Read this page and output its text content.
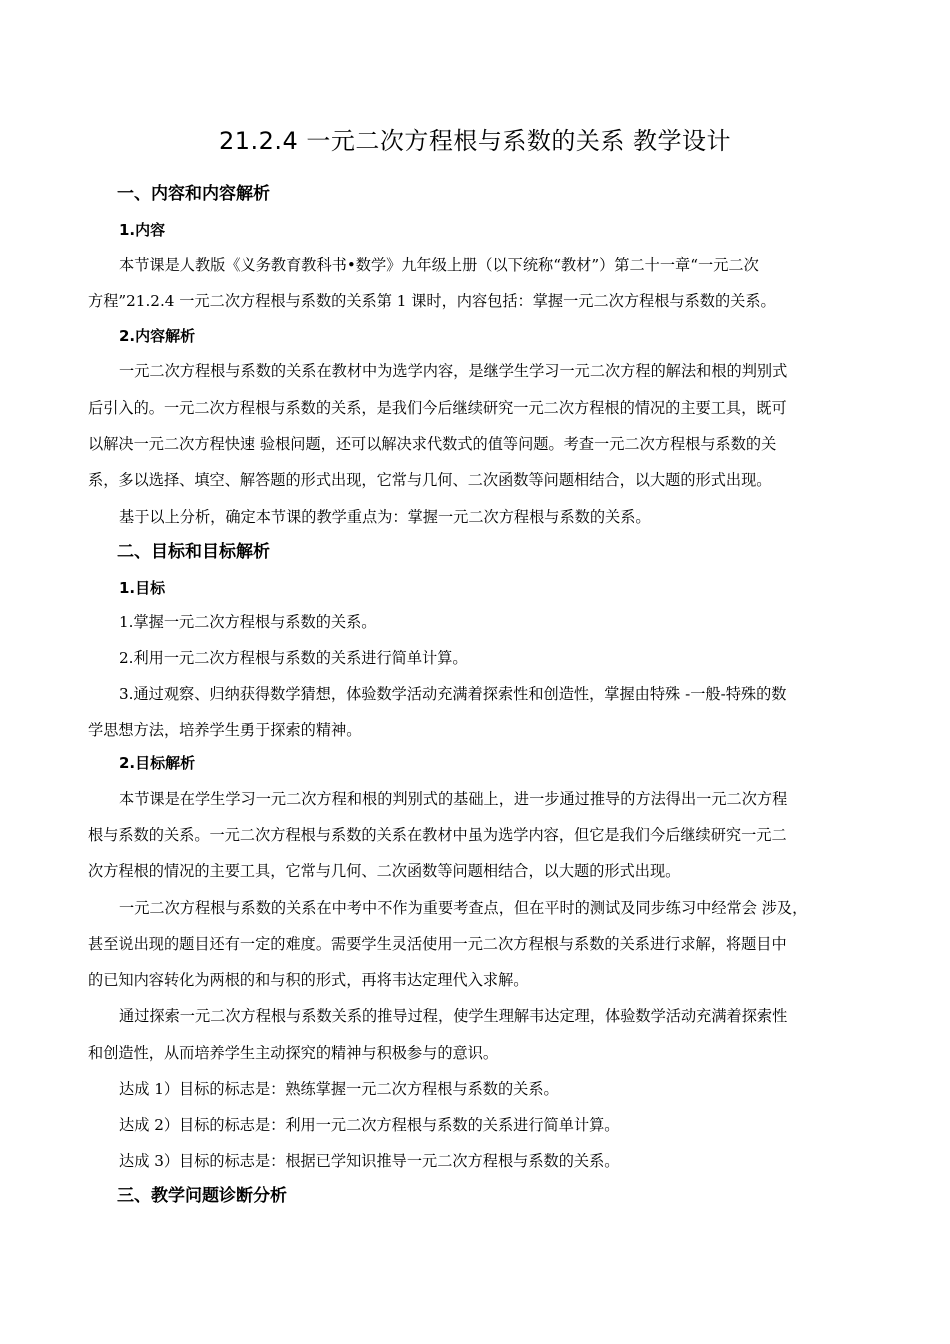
21.2.4 一元二次方程根与系数的关系 教学设计
一、内容和内容解析
1.内容
本节课是人教版《义务教育教科书•数学》九年级上册（以下统称“教材”）第二十一章“一元二次
方程”21.2.4 一元二次方程根与系数的关系第 1 课时，内容包括：掌握一元二次方程根与系数的关系。
2.内容解析
一元二次方程根与系数的关系在教材中为选学内容，是继学生学习一元二次方程的解法和根的判别式
后引入的。一元二次方程根与系数的关系，是我们今后继续研究一元二次方程根的情况的主要工具，既可
以解决一元二次方程快速 验根问题，还可以解决求代数式的值等问题。考查一元二次方程根与系数的关
系，多以选择、填空、解答题的形式出现，它常与几何、二次函数等问题相结合，以大题的形式出现。
基于以上分析，确定本节课的教学重点为：掌握一元二次方程根与系数的关系。
二、目标和目标解析
1.目标
1.掌握一元二次方程根与系数的关系。
2.利用一元二次方程根与系数的关系进行简单计算。
3.通过观察、归纳获得数学猜想，体验数学活动充满着探索性和创造性，掌握由特殊 -一般-特殊的数
学思想方法，培养学生勇于探索的精神。
2.目标解析
本节课是在学生学习一元二次方程和根的判别式的基础上，进一步通过推导的方法得出一元二次方程
根与系数的关系。一元二次方程根与系数的关系在教材中虽为选学内容，但它是我们今后继续研究一元二
次方程根的情况的主要工具，它常与几何、二次函数等问题相结合，以大题的形式出现。
一元二次方程根与系数的关系在中考中不作为重要考查点，但在平时的测试及同步练习中经常会 涉及，
甚至说出现的题目还有一定的难度。需要学生灵活使用一元二次方程根与系数的关系进行求解，将题目中
的已知内容转化为两根的和与积的形式，再将韦达定理代入求解。
通过探索一元二次方程根与系数关系的推导过程，使学生理解韦达定理，体验数学活动充满着探索性
和创造性，从而培养学生主动探究的精神与积极参与的意识。
达成 1）目标的标志是：熟练掌握一元二次方程根与系数的关系。
达成 2）目标的标志是：利用一元二次方程根与系数的关系进行简单计算。
达成 3）目标的标志是：根据已学知识推导一元二次方程根与系数的关系。
三、教学问题诊断分析
